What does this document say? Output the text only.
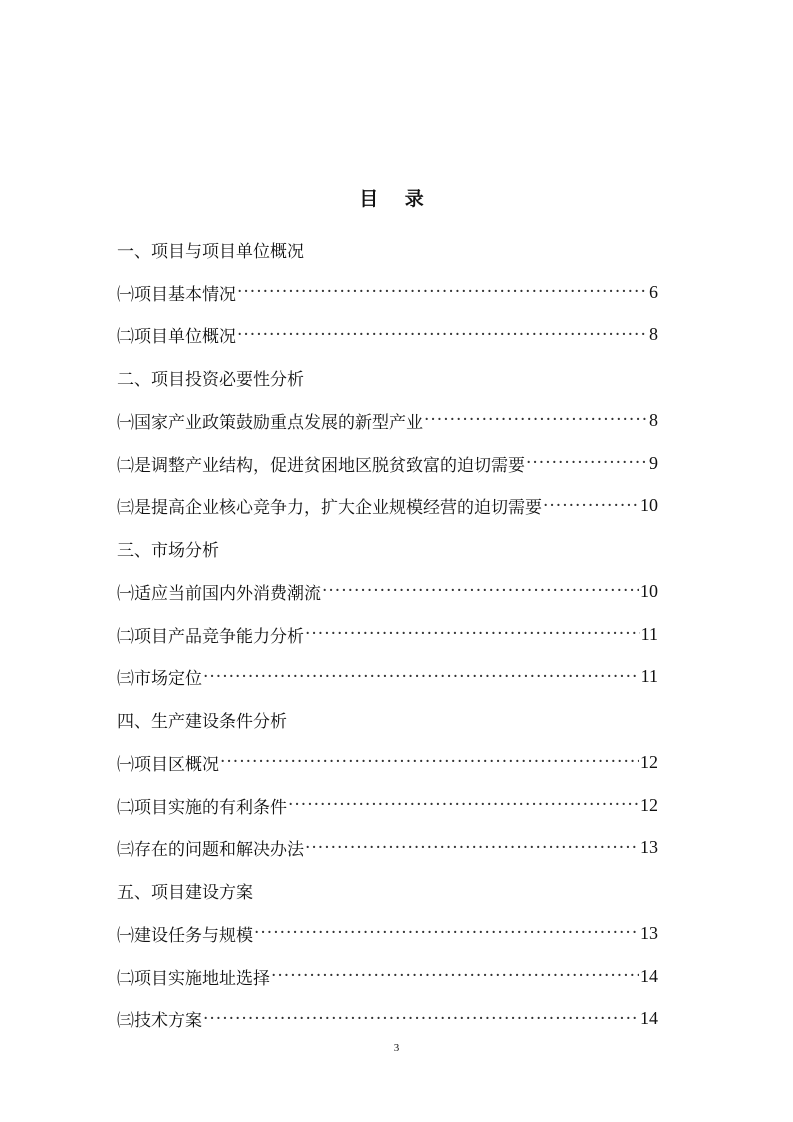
目 录
一、项目与项目单位概况
㈠项目基本情况 ·····	6
㈡项目单位概况 ·····	8
二、项目投资必要性分析
㈠国家产业政策鼓励重点发展的新型产业 ·····	8
㈡是调整产业结构，促进贫困地区脱贫致富的迫切需要 ·····	9
㈢是提高企业核心竞争力，扩大企业规模经营的迫切需要 ·····	10
三、市场分析
㈠适应当前国内外消费潮流 ·····	10
㈡项目产品竞争能力分析 ·····	11
㈢市场定位 ·····	11
四、生产建设条件分析
㈠项目区概况 ·····	12
㈡项目实施的有利条件 ·····	12
㈢存在的问题和解决办法 ·····	13
五、项目建设方案
㈠建设任务与规模 ·····	13
㈡项目实施地址选择 ·····	14
㈢技术方案 ·····	14
3
